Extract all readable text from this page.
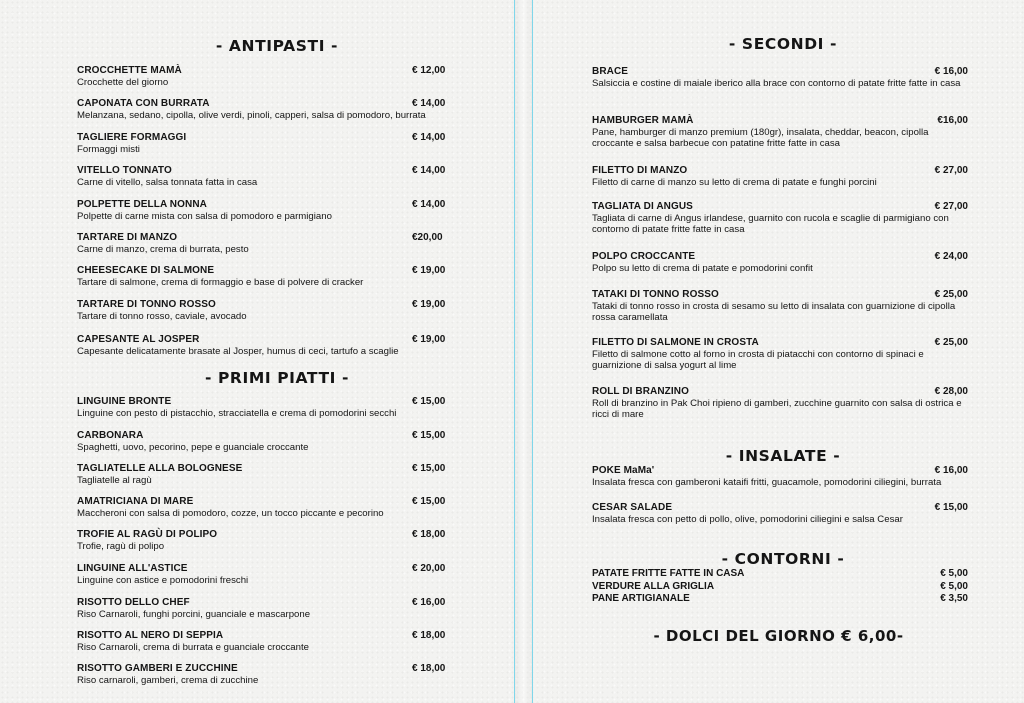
- ANTIPASTI -
CROCCHETTE MAMÀ	€ 12,00
Crocchette del giorno
CAPONATA CON BURRATA	€ 14,00
Melanzana, sedano, cipolla, olive verdi, pinoli, capperi, salsa di pomodoro, burrata
TAGLIERE FORMAGGI	€ 14,00
Formaggi misti
VITELLO TONNATO	€ 14,00
Carne di vitello, salsa tonnata fatta in casa
POLPETTE DELLA NONNA	€ 14,00
Polpette di carne mista con salsa di pomodoro e parmigiano
TARTARE DI MANZO	€20,00
Carne di manzo, crema di burrata, pesto
CHEESECAKE DI SALMONE	€ 19,00
Tartare di salmone, crema di formaggio e base di polvere di cracker
TARTARE DI TONNO ROSSO	€ 19,00
Tartare di tonno rosso, caviale, avocado
CAPESANTE AL JOSPER	€ 19,00
Capesante delicatamente brasate al Josper, humus di ceci, tartufo a scaglie
- PRIMI PIATTI -
LINGUINE BRONTE	€ 15,00
Linguine con pesto di pistacchio, stracciatella e crema di pomodorini secchi
CARBONARA	€ 15,00
Spaghetti, uovo, pecorino, pepe e guanciale croccante
TAGLIATELLE ALLA BOLOGNESE	€ 15,00
Tagliatelle al ragù
AMATRICIANA DI MARE	€ 15,00
Maccheroni con salsa di pomodoro, cozze, un tocco piccante e pecorino
TROFIE AL RAGÙ DI POLIPO	€ 18,00
Trofie, ragù di polipo
LINGUINE ALL'ASTICE	€ 20,00
Linguine con astice e pomodorini freschi
RISOTTO DELLO CHEF	€ 16,00
Riso Carnaroli, funghi porcini, guanciale e mascarpone
RISOTTO AL NERO DI SEPPIA	€ 18,00
Riso Carnaroli, crema di burrata e guanciale croccante
RISOTTO GAMBERI E ZUCCHINE	€ 18,00
Riso carnaroli, gamberi, crema di zucchine
- SECONDI -
BRACE	€ 16,00
Salsiccia e costine di maiale iberico alla brace con contorno di patate fritte fatte in casa
HAMBURGER MAMÀ	€16,00
Pane, hamburger di manzo premium (180gr), insalata, cheddar, beacon, cipolla croccante e salsa barbecue con patatine fritte fatte in casa
FILETTO DI MANZO	€ 27,00
Filetto di carne di manzo su letto di crema di patate e funghi porcini
TAGLIATA DI ANGUS	€ 27,00
Tagliata di carne di Angus irlandese, guarnito con rucola e scaglie di parmigiano con contorno di patate fritte fatte in casa
POLPO CROCCANTE	€ 24,00
Polpo su letto di crema di patate e pomodorini confit
TATAKI DI TONNO ROSSO	€ 25,00
Tataki di tonno rosso in crosta di sesamo su letto di insalata con guarnizione di cipolla rossa caramellata
FILETTO DI SALMONE IN CROSTA	€ 25,00
Filetto di salmone cotto al forno in crosta di piatacchi con contorno di spinaci e guarnizione di salsa yogurt al lime
ROLL DI BRANZINO	€ 28,00
Roll di branzino in Pak Choi ripieno di gamberi, zucchine guarnito con salsa di ostrica e ricci di mare
- INSALATE -
POKE MaMa'	€ 16,00
Insalata fresca con gamberoni kataifi fritti, guacamole, pomodorini ciliegini, burrata
CESAR SALADE	€ 15,00
Insalata fresca con petto di pollo, olive, pomodorini ciliegini e salsa Cesar
- CONTORNI -
PATATE FRITTE FATTE IN CASA	€ 5,00
VERDURE ALLA GRIGLIA	€ 5,00
PANE ARTIGIANALE	€ 3,50
- DOLCI DEL GIORNO € 6,00-
